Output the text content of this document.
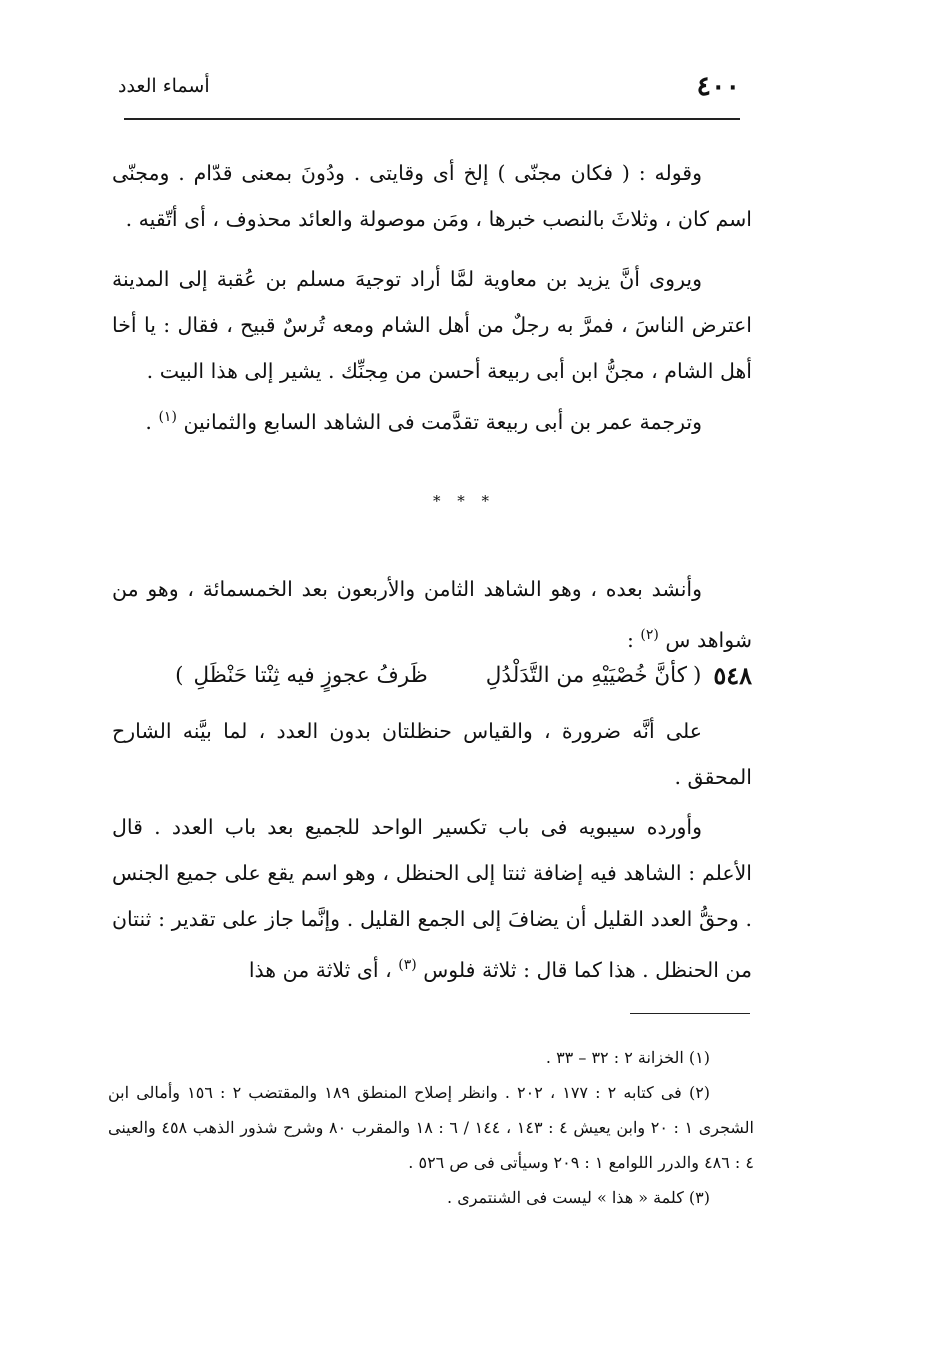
٤٠٠
أسماء العدد

وقوله : ( فكان مجنّى ) إلخ أى وقايتى . ودُونَ بمعنى قدّام . ومجنّى اسم كان ، وثلاثَ بالنصب خبرها ، ومَن موصولة والعائد محذوف ، أى أتّقيه .

ويروى أنَّ يزيد بن معاوية لمَّا أراد توجيهَ مسلم بن عُقبة إلى المدينة اعترض الناسَ ، فمرَّ به رجلٌ من أهل الشام ومعه تُرسٌ قبيح ، فقال : يا أخا أهل الشام ، مجنُّ ابن أبى ربيعة أحسن من مِجنِّك . يشير إلى هذا البيت .

وترجمة عمر بن أبى ربيعة تقدَّمت فى الشاهد السابع والثمانين $^{(١)}$ .

* * *

وأنشد بعده ، وهو الشاهد الثامن والأربعون بعد الخمسمائة ، وهو من شواهد س $^{(٢)}$ :

٥٤٨
(
كأنَّ خُصْيَيْهِ من التَّدَلْدُلِ
ظَرفُ عجوزٍ فيه ثِنْتا حَنْظَلِ
)

على أنَّه ضرورة ، والقياس حنظلتان بدون العدد ، لما بيَّنه الشارح المحقق .

وأورده سيبويه فى باب تكسير الواحد للجميع بعد باب العدد . قال الأعلم : الشاهد فيه إضافة ثنتا إلى الحنظل ، وهو اسم يقع على جميع الجنس . وحقُّ العدد القليل أن يضافَ إلى الجمع القليل . وإنَّما جاز على تقدير : ثنتان من الحنظل . هذا كما قال : ثلاثة فلوس $^{(٣)}$ ، أى ثلاثة من هذا

(١) الخزانة ٢ : ٣٢ – ٣٣ .

(٢) فى كتابه ٢ : ١٧٧ ، ٢٠٢ . وانظر إصلاح المنطق ١٨٩ والمقتضب ٢ : ١٥٦ وأمالى ابن الشجرى ١ : ٢٠ وابن يعيش ٤ : ١٤٣ ، ١٤٤ / ٦ : ١٨ والمقرب ٨٠ وشرح شذور الذهب ٤٥٨ والعينى ٤ : ٤٨٦ والدرر اللوامع ١ : ٢٠٩ وسيأتى فى ص ٥٢٦ .

(٣) كلمة « هذا » ليست فى الشنتمرى .
